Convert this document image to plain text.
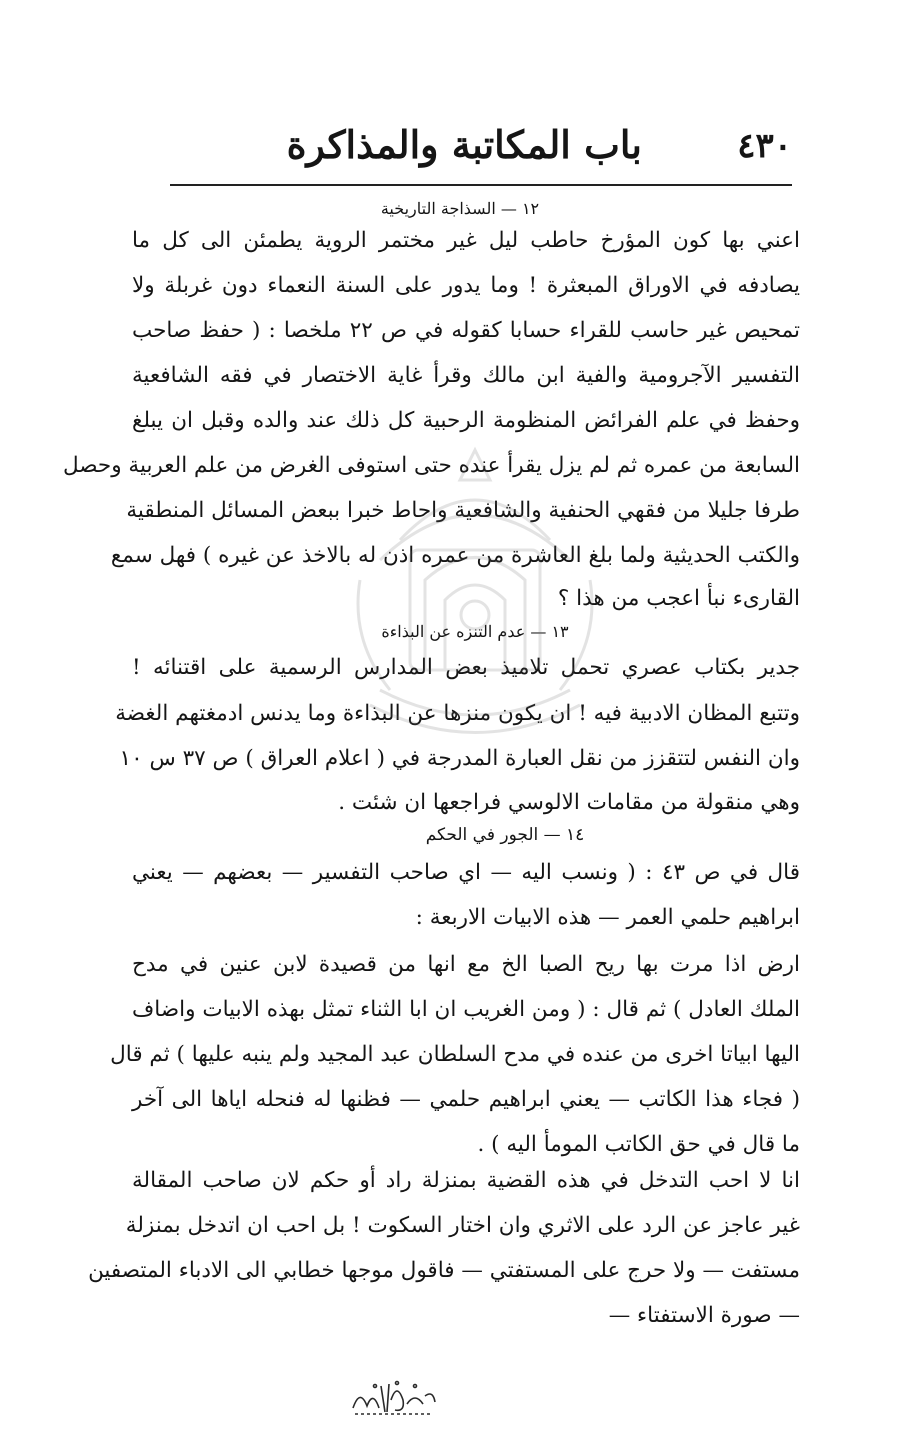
٤٣٠
باب المكاتبة والمذاكرة
١٢ — السذاجة التاريخية
اعني بها كون المؤرخ حاطب ليل غير مختمر الروية يطمئن الى كل ما
يصادفه في الاوراق المبعثرة ! وما يدور على السنة النعماء دون غربلة ولا
تمحيص غير حاسب للقراء حسابا كقوله في ص ٢٢ ملخصا : ( حفظ صاحب
التفسير الآجرومية والفية ابن مالك وقرأ غاية الاختصار في فقه الشافعية
وحفظ في علم الفرائض المنظومة الرحبية كل ذلك عند والده وقبل ان يبلغ
السابعة من عمره ثم لم يزل يقرأ عنده حتى استوفى الغرض من علم العربية وحصل
طرفا جليلا من فقهي الحنفية والشافعية واحاط خبرا ببعض المسائل المنطقية
والكتب الحديثية ولما بلغ العاشرة من عمره اذن له بالاخذ عن غيره ) فهل سمع
القارىء نبأ اعجب من هذا ؟
١٣ — عدم التنزه عن البذاءة
جدير بكتاب عصري تحمل تلاميذ بعض المدارس الرسمية على اقتنائه !
وتتبع المظان الادبية فيه ! ان يكون منزها عن البذاءة وما يدنس ادمغتهم الغضة
وان النفس لتتقزز من نقل العبارة المدرجة في ( اعلام العراق ) ص ٣٧ س ١٠
وهي منقولة من مقامات الالوسي فراجعها ان شئت .
١٤ — الجور في الحكم
قال في ص ٤٣ : ( ونسب اليه — اي صاحب التفسير — بعضهم — يعني
ابراهيم حلمي العمر — هذه الابيات الاربعة :
ارض اذا مرت بها ريح الصبا الخ مع انها من قصيدة لابن عنين في مدح
الملك العادل ) ثم قال : ( ومن الغريب ان ابا الثناء تمثل بهذه الابيات واضاف
اليها ابياتا اخرى من عنده في مدح السلطان عبد المجيد ولم ينبه عليها ) ثم قال
( فجاء هذا الكاتب — يعني ابراهيم حلمي — فظنها له فنحله اياها الى آخر
ما قال في حق الكاتب المومأ اليه ) .
انا لا احب التدخل في هذه القضية بمنزلة راد أو حكم لان صاحب المقالة
غير عاجز عن الرد على الاثري وان اختار السكوت ! بل احب ان اتدخل بمنزلة
مستفت — ولا حرج على المستفتي — فاقول موجها خطابي الى الادباء المتصفين
— صورة الاستفتاء —
